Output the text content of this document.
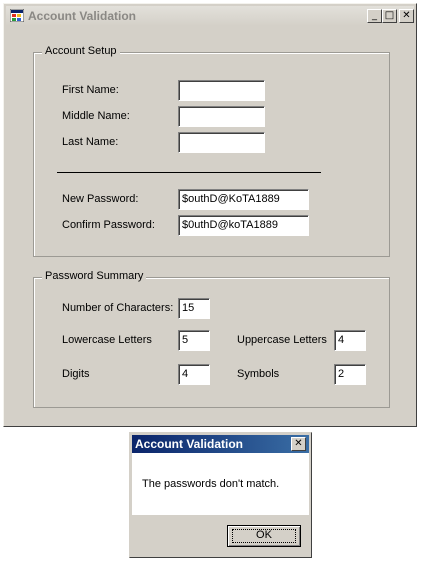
Account Validation	_ □ ✕
Account Setup
First Name:
Middle Name:
Last Name:
New Password:	$outhD@KoTA1889
Confirm Password:	$0uthD@koTA1889
Password Summary
Number of Characters: 15
Lowercase Letters	5	Uppercase Letters	4
Digits	4	Symbols	2
Account Validation	✕
The passwords don't match.
OK
